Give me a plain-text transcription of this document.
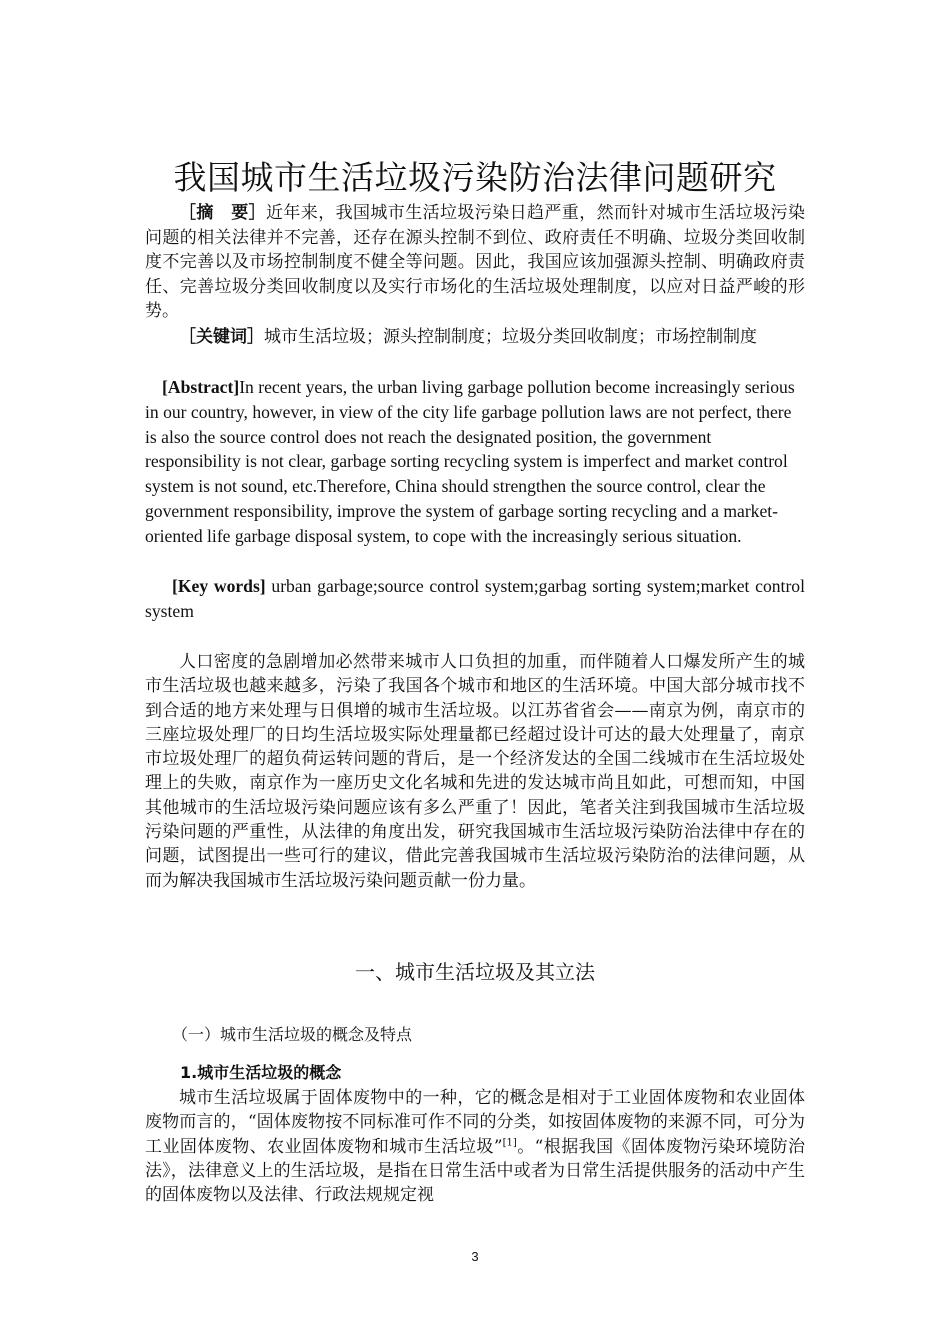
我国城市生活垃圾污染防治法律问题研究

［摘　要］近年来，我国城市生活垃圾污染日趋严重，然而针对城市生活垃圾污染问题的相关法律并不完善，还存在源头控制不到位、政府责任不明确、垃圾分类回收制度不完善以及市场控制制度不健全等问题。因此，我国应该加强源头控制、明确政府责任、完善垃圾分类回收制度以及实行市场化的生活垃圾处理制度，以应对日益严峻的形势。

［关键词］城市生活垃圾；源头控制制度；垃圾分类回收制度；市场控制制度

[Abstract]In recent years, the urban living garbage pollution become increasingly serious in our country, however, in view of the city life garbage pollution laws are not perfect, there is also the source control does not reach the designated position, the government responsibility is not clear, garbage sorting recycling system is imperfect and market control system is not sound, etc.Therefore, China should strengthen the source control, clear the government responsibility, improve the system of garbage sorting recycling and a market-oriented life garbage disposal system, to cope with the increasingly serious situation.

[Key words] urban garbage;source control system;garbag sorting system;market control system

人口密度的急剧增加必然带来城市人口负担的加重，而伴随着人口爆发所产生的城市生活垃圾也越来越多，污染了我国各个城市和地区的生活环境。中国大部分城市找不到合适的地方来处理与日俱增的城市生活垃圾。以江苏省省会——南京为例，南京市的三座垃圾处理厂的日均生活垃圾实际处理量都已经超过设计可达的最大处理量了，南京市垃圾处理厂的超负荷运转问题的背后，是一个经济发达的全国二线城市在生活垃圾处理上的失败，南京作为一座历史文化名城和先进的发达城市尚且如此，可想而知，中国其他城市的生活垃圾污染问题应该有多么严重了！因此，笔者关注到我国城市生活垃圾污染问题的严重性，从法律的角度出发，研究我国城市生活垃圾污染防治法律中存在的问题，试图提出一些可行的建议，借此完善我国城市生活垃圾污染防治的法律问题，从而为解决我国城市生活垃圾污染问题贡献一份力量。

一、城市生活垃圾及其立法
（一）城市生活垃圾的概念及特点
1.城市生活垃圾的概念

城市生活垃圾属于固体废物中的一种，它的概念是相对于工业固体废物和农业固体废物而言的，“固体废物按不同标准可作不同的分类，如按固体废物的来源不同，可分为工业固体废物、农业固体废物和城市生活垃圾”[1]。“根据我国《固体废物污染环境防治法》，法律意义上的生活垃圾，是指在日常生活中或者为日常生活提供服务的活动中产生的固体废物以及法律、行政法规规定视

3
